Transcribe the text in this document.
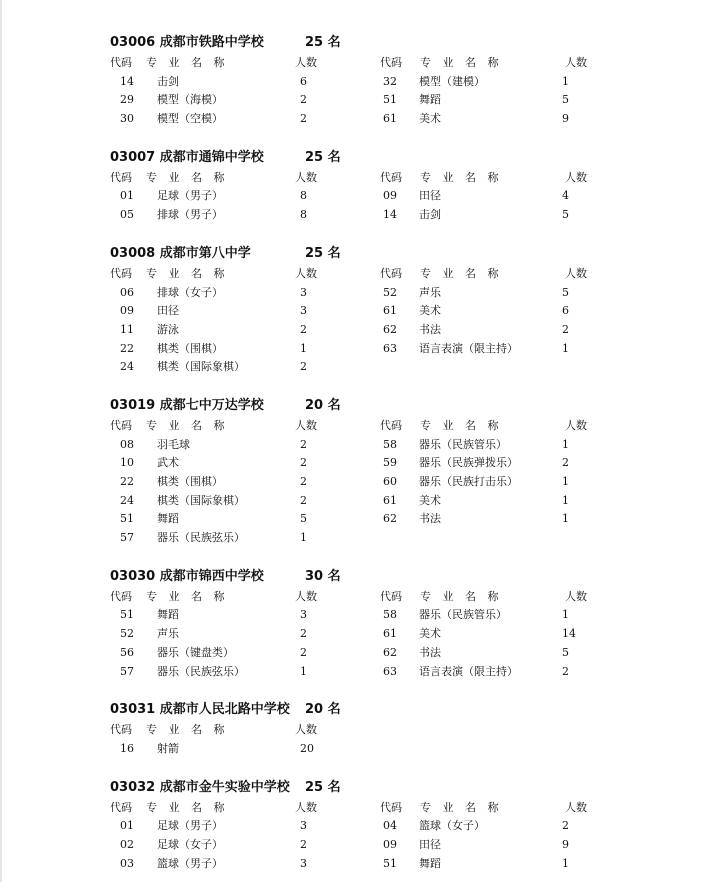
03006 成都市铁路中学校	25 名
代码 专 业 名 称	人数	代码 专 业 名 称	人数
14 击剑	6	32 模型（建模）	1
29 模型（海模）	2	51 舞蹈	5
30 模型（空模）	2	61 美术	9
03007 成都市通锦中学校	25 名
代码 专 业 名 称	人数	代码 专 业 名 称	人数
01 足球（男子）	8	09 田径	4
05 排球（男子）	8	14 击剑	5
03008 成都市第八中学	25 名
代码 专 业 名 称	人数	代码 专 业 名 称	人数
06 排球（女子）	3	52 声乐	5
09 田径	3	61 美术	6
11 游泳	2	62 书法	2
22 棋类（围棋）	1	63 语言表演（限主持）	1
24 棋类（国际象棋）	2
03019 成都七中万达学校	20 名
代码 专 业 名 称	人数	代码 专 业 名 称	人数
08 羽毛球	2	58 器乐（民族管乐）	1
10 武术	2	59 器乐（民族弹拨乐）	2
22 棋类（围棋）	2	60 器乐（民族打击乐）	1
24 棋类（国际象棋）	2	61 美术	1
51 舞蹈	5	62 书法	1
57 器乐（民族弦乐）	1
03030 成都市锦西中学校	30 名
代码 专 业 名 称	人数	代码 专 业 名 称	人数
51 舞蹈	3	58 器乐（民族管乐）	1
52 声乐	2	61 美术	14
56 器乐（键盘类）	2	62 书法	5
57 器乐（民族弦乐）	1	63 语言表演（限主持）	2
03031 成都市人民北路中学校 20 名
代码 专 业 名 称	人数
16 射箭	20
03032 成都市金牛实验中学校 25 名
代码 专 业 名 称	人数	代码 专 业 名 称	人数
01 足球（男子）	3	04 篮球（女子）	2
02 足球（女子）	2	09 田径	9
03 篮球（男子）	3	51 舞蹈	1
